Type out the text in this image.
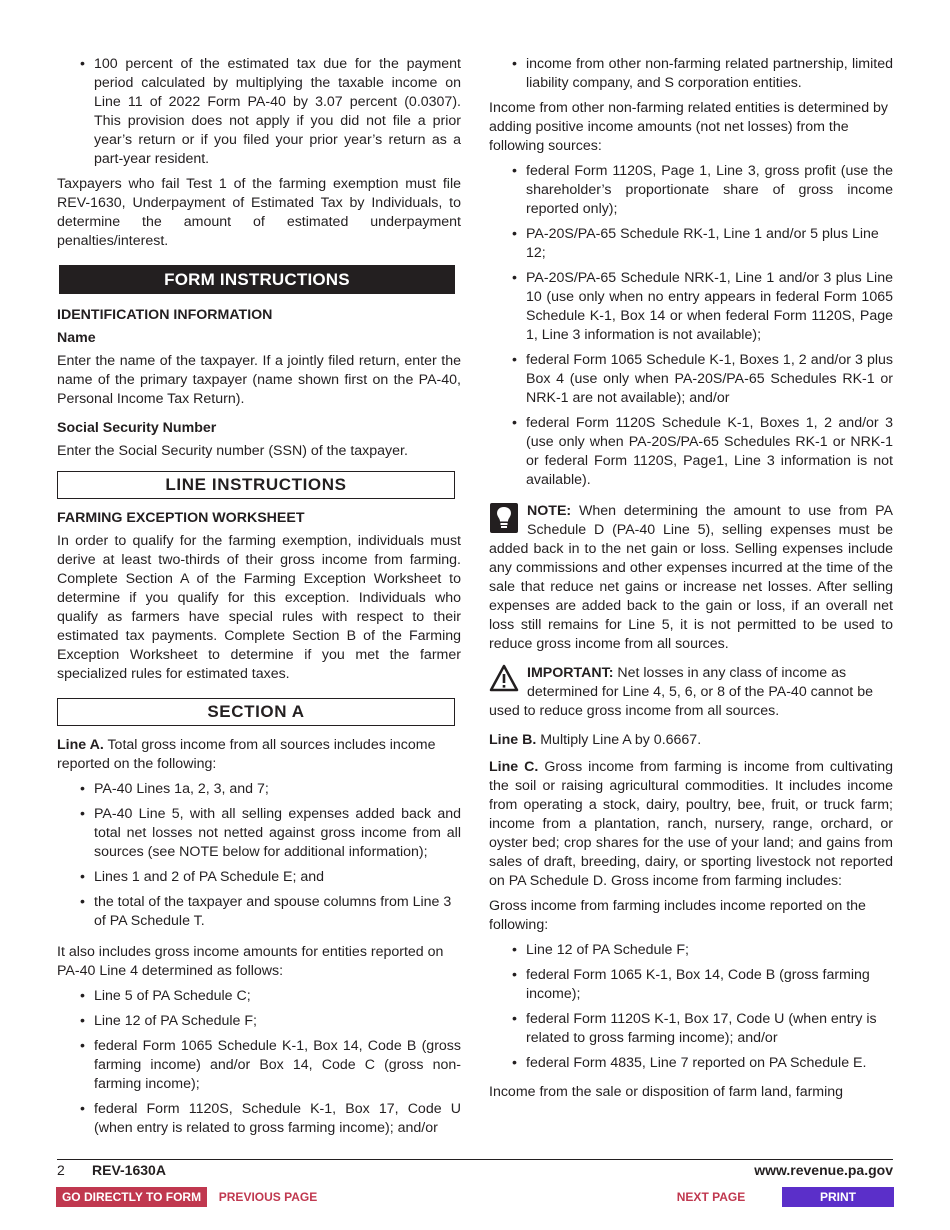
• 100 percent of the estimated tax due for the payment period calculated by multiplying the taxable income on Line 11 of 2022 Form PA-40 by 3.07 percent (0.0307). This provision does not apply if you did not file a prior year’s return or if you filed your prior year’s return as a part-year resident.

Taxpayers who fail Test 1 of the farming exemption must file REV-1630, Underpayment of Estimated Tax by Individuals, to determine the amount of estimated underpayment penalties/interest.

FORM INSTRUCTIONS

IDENTIFICATION INFORMATION

Name

Enter the name of the taxpayer. If a jointly filed return, enter the name of the primary taxpayer (name shown first on the PA-40, Personal Income Tax Return).

Social Security Number

Enter the Social Security number (SSN) of the taxpayer.

LINE INSTRUCTIONS

FARMING EXCEPTION WORKSHEET

In order to qualify for the farming exemption, individuals must derive at least two-thirds of their gross income from farming. Complete Section A of the Farming Exception Worksheet to determine if you qualify for this exception. Individuals who qualify as farmers have special rules with respect to their estimated tax payments. Complete Section B of the Farming Exception Worksheet to determine if you met the farmer specialized rules for estimated taxes.

SECTION A

Line A. Total gross income from all sources includes income reported on the following:

• PA-40 Lines 1a, 2, 3, and 7;
• PA-40 Line 5, with all selling expenses added back and total net losses not netted against gross income from all sources (see NOTE below for additional information);
• Lines 1 and 2 of PA Schedule E; and
• the total of the taxpayer and spouse columns from Line 3 of PA Schedule T.

It also includes gross income amounts for entities reported on PA-40 Line 4 determined as follows:

• Line 5 of PA Schedule C;
• Line 12 of PA Schedule F;
• federal Form 1065 Schedule K-1, Box 14, Code B (gross farming income) and/or Box 14, Code C (gross non-farming income);
• federal Form 1120S, Schedule K-1, Box 17, Code U (when entry is related to gross farming income); and/or
• income from other non-farming related partnership, limited liability company, and S corporation entities.

Income from other non-farming related entities is determined by adding positive income amounts (not net losses) from the following sources:

• federal Form 1120S, Page 1, Line 3, gross profit (use the shareholder’s proportionate share of gross income reported only);
• PA-20S/PA-65 Schedule RK-1, Line 1 and/or 5 plus Line 12;
• PA-20S/PA-65 Schedule NRK-1, Line 1 and/or 3 plus Line 10 (use only when no entry appears in federal Form 1065 Schedule K-1, Box 14 or when federal Form 1120S, Page 1, Line 3 information is not available);
• federal Form 1065 Schedule K-1, Boxes 1, 2 and/or 3 plus Box 4 (use only when PA-20S/PA-65 Schedules RK-1 or NRK-1 are not available); and/or
• federal Form 1120S Schedule K-1, Boxes 1, 2 and/or 3 (use only when PA-20S/PA-65 Schedules RK-1 or NRK-1 or federal Form 1120S, Page1, Line 3 information is not available).

NOTE: When determining the amount to use from PA Schedule D (PA-40 Line 5), selling expenses must be added back in to the net gain or loss. Selling expenses include any commissions and other expenses incurred at the time of the sale that reduce net gains or increase net losses. After selling expenses are added back to the gain or loss, if an overall net loss still remains for Line 5, it is not permitted to be used to reduce gross income from all sources.

IMPORTANT: Net losses in any class of income as determined for Line 4, 5, 6, or 8 of the PA-40 cannot be used to reduce gross income from all sources.

Line B. Multiply Line A by 0.6667.

Line C. Gross income from farming is income from cultivating the soil or raising agricultural commodities. It includes income from operating a stock, dairy, poultry, bee, fruit, or truck farm; income from a plantation, ranch, nursery, range, orchard, or oyster bed; crop shares for the use of your land; and gains from sales of draft, breeding, dairy, or sporting livestock not reported on PA Schedule D. Gross income from farming includes:

Gross income from farming includes income reported on the following:

• Line 12 of PA Schedule F;
• federal Form 1065 K-1, Box 14, Code B (gross farming income);
• federal Form 1120S K-1, Box 17, Code U (when entry is related to gross farming income); and/or
• federal Form 4835, Line 7 reported on PA Schedule E.

Income from the sale or disposition of farm land, farming

2 REV-1630A	www.revenue.pa.gov
GO DIRECTLY TO FORM	PREVIOUS PAGE	NEXT PAGE	PRINT
